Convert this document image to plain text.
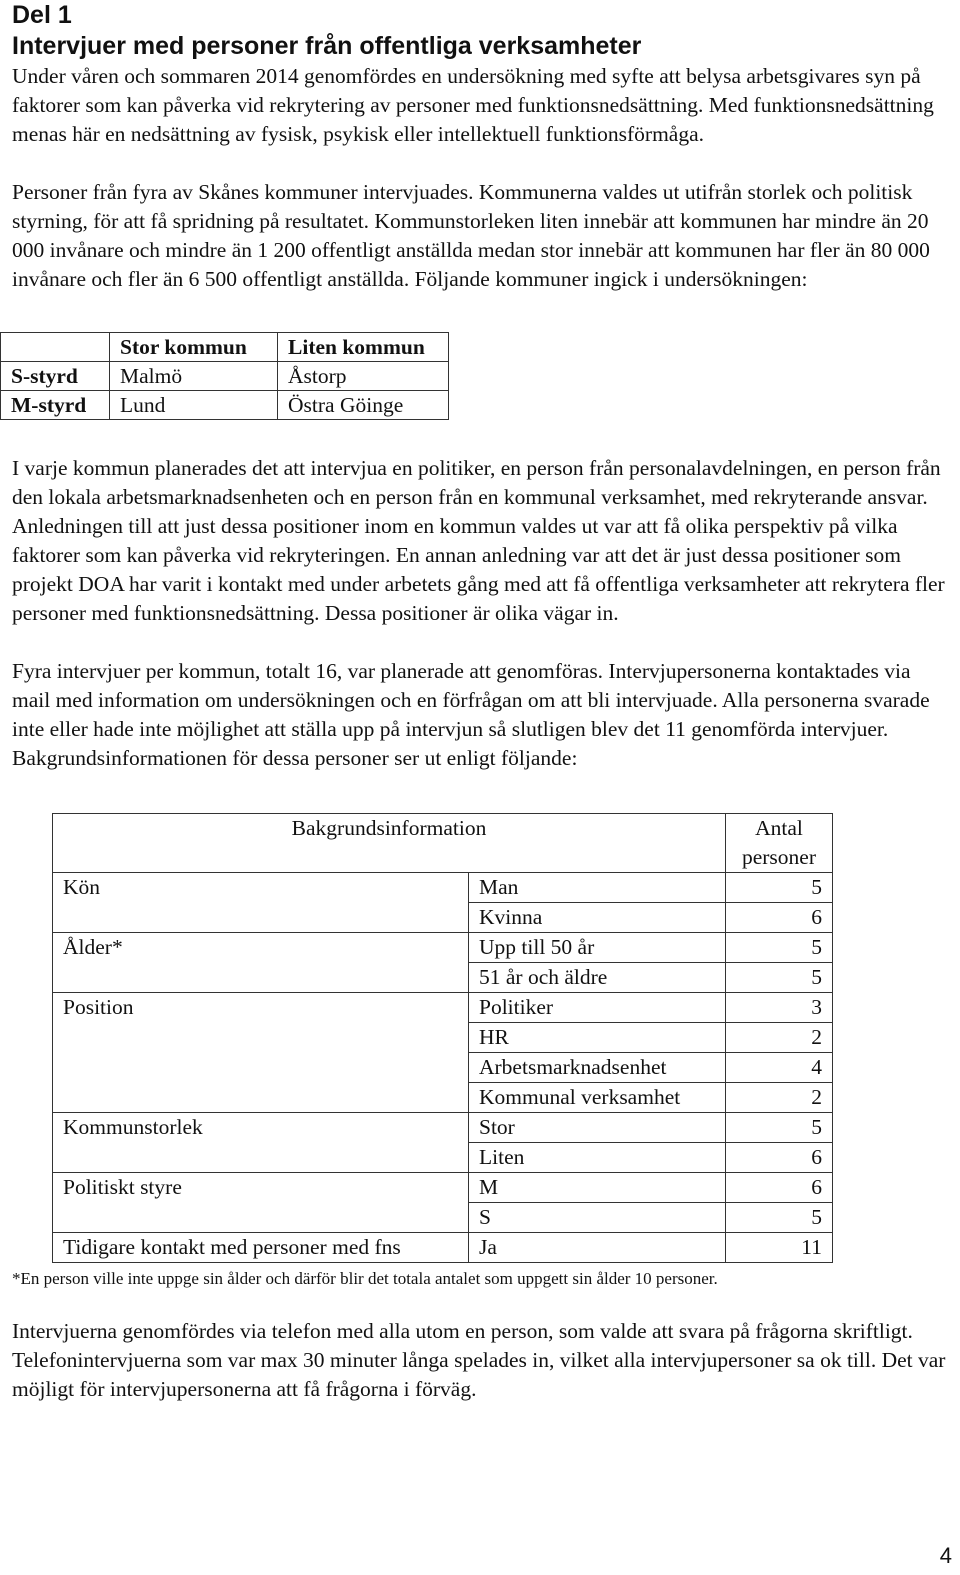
Del 1
Intervjuer med personer från offentliga verksamheter

Under våren och sommaren 2014 genomfördes en undersökning med syfte att belysa arbetsgivares syn på faktorer som kan påverka vid rekrytering av personer med funktionsnedsättning. Med funktionsnedsättning menas här en nedsättning av fysisk, psykisk eller intellektuell funktionsförmåga.

Personer från fyra av Skånes kommuner intervjuades. Kommunerna valdes ut utifrån storlek och politisk styrning, för att få spridning på resultatet. Kommunstorleken liten innebär att kommunen har mindre än 20 000 invånare och mindre än 1 200 offentligt anställda medan stor innebär att kommunen har fler än 80 000 invånare och fler än 6 500 offentligt anställda. Följande kommuner ingick i undersökningen:

	Stor kommun	Liten kommun
S-styrd	Malmö	Åstorp
M-styrd	Lund	Östra Göinge

I varje kommun planerades det att intervjua en politiker, en person från personalavdelningen, en person från den lokala arbetsmarknadsenheten och en person från en kommunal verksamhet, med rekryterande ansvar. Anledningen till att just dessa positioner inom en kommun valdes ut var att få olika perspektiv på vilka faktorer som kan påverka vid rekryteringen. En annan anledning var att det är just dessa positioner som projekt DOA har varit i kontakt med under arbetets gång med att få offentliga verksamheter att rekrytera fler personer med funktionsnedsättning. Dessa positioner är olika vägar in.

Fyra intervjuer per kommun, totalt 16, var planerade att genomföras. Intervjupersonerna kontaktades via mail med information om undersökningen och en förfrågan om att bli intervjuade. Alla personerna svarade inte eller hade inte möjlighet att ställa upp på intervjun så slutligen blev det 11 genomförda intervjuer. Bakgrundsinformationen för dessa personer ser ut enligt följande:

Bakgrundsinformation		Antal personer
Kön	Man	5
	Kvinna	6
Ålder*	Upp till 50 år	5
	51 år och äldre	5
Position	Politiker	3
	HR	2
	Arbetsmarknadsenhet	4
	Kommunal verksamhet	2
Kommunstorlek	Stor	5
	Liten	6
Politiskt styre	M	6
	S	5
Tidigare kontakt med personer med fns	Ja	11
*En person ville inte uppge sin ålder och därför blir det totala antalet som uppgett sin ålder 10 personer.

Intervjuerna genomfördes via telefon med alla utom en person, som valde att svara på frågorna skriftligt. Telefonintervjuerna som var max 30 minuter långa spelades in, vilket alla intervjupersoner sa ok till. Det var möjligt för intervjupersonerna att få frågorna i förväg.

4
